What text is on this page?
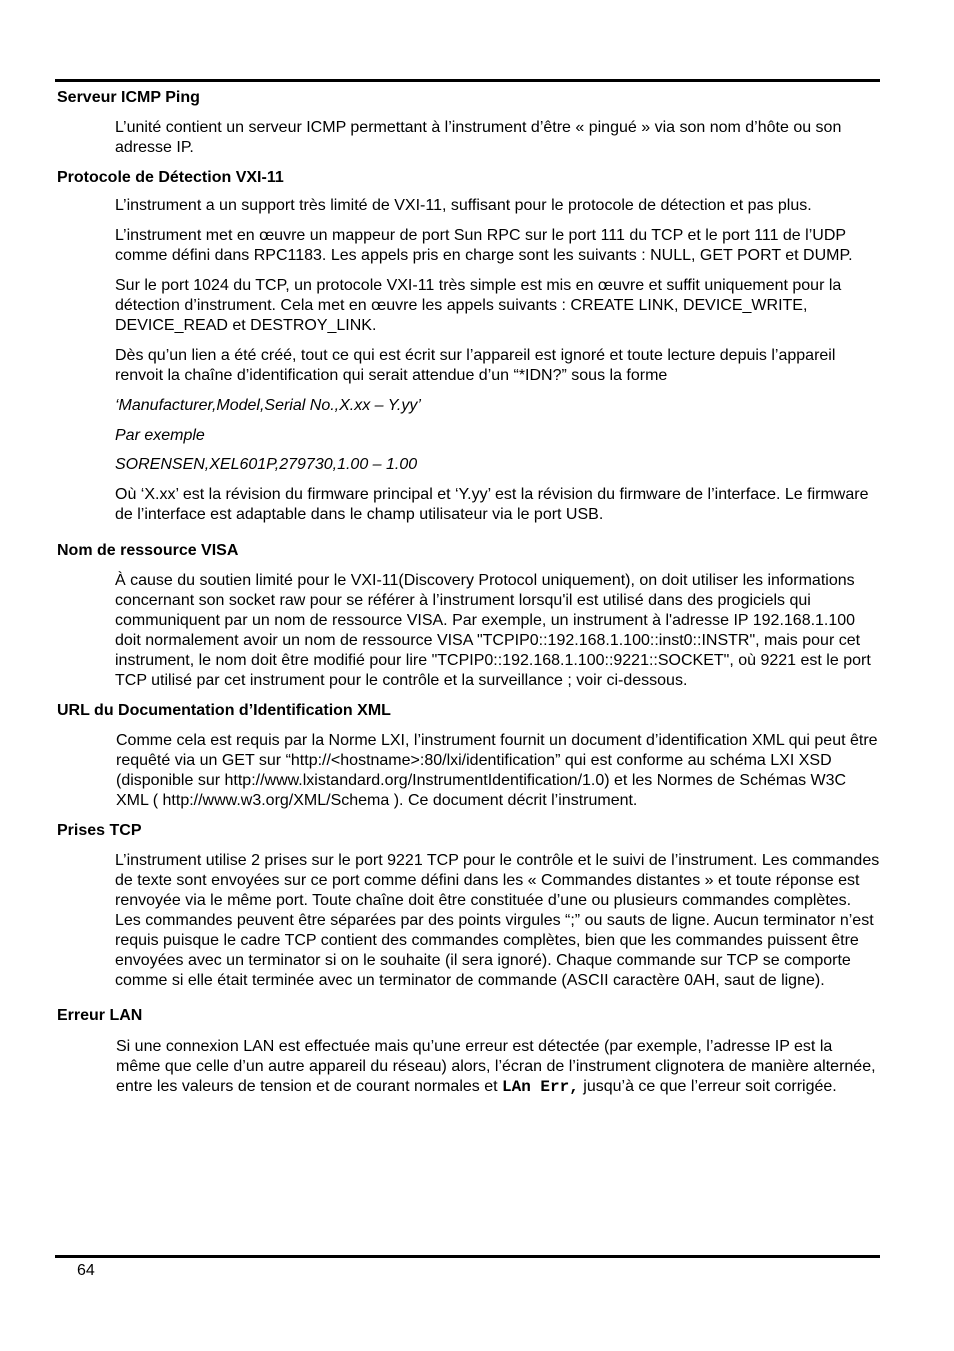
Serveur ICMP Ping

L’unité contient un serveur ICMP permettant à l’instrument d’être « pingué » via son nom d’hôte ou son adresse IP.

Protocole de Détection VXI-11

L’instrument a un support très limité de VXI-11, suffisant pour le protocole de détection et pas plus.

L’instrument met en œuvre un mappeur de port Sun RPC sur le port 111 du TCP et le port 111 de l’UDP comme défini dans RPC1183. Les appels pris en charge sont les suivants : NULL, GET PORT et DUMP.

Sur le port 1024 du TCP, un protocole VXI-11 très simple est mis en œuvre et suffit uniquement pour la détection d’instrument. Cela met en œuvre les appels suivants : CREATE LINK, DEVICE_WRITE, DEVICE_READ et DESTROY_LINK.

Dès qu’un lien a été créé, tout ce qui est écrit sur l’appareil est ignoré et toute lecture depuis l’appareil renvoit la chaîne d’identification qui serait attendue d’un “*IDN?” sous la forme

‘Manufacturer,Model,Serial No.,X.xx – Y.yy’

Par exemple

SORENSEN,XEL601P,279730,1.00 – 1.00

Où ‘X.xx’ est la révision du firmware principal et ‘Y.yy’ est la révision du firmware de l’interface. Le firmware de l’interface est adaptable dans le champ utilisateur via le port USB.

Nom de ressource VISA

À cause du soutien limité pour le VXI-11(Discovery Protocol uniquement), on doit utiliser les informations concernant son socket raw pour se référer à l’instrument lorsqu'il est utilisé dans des progiciels qui communiquent par un nom de ressource VISA. Par exemple, un instrument à l'adresse IP 192.168.1.100 doit normalement avoir un nom de ressource VISA "TCPIP0::192.168.1.100::inst0::INSTR", mais pour cet instrument, le nom doit être modifié pour lire "TCPIP0::192.168.1.100::9221::SOCKET", où 9221 est le port TCP utilisé par cet instrument pour le contrôle et la surveillance ; voir ci-dessous.

URL du Documentation d’Identification XML

Comme cela est requis par la Norme LXI, l’instrument fournit un document d’identification XML qui peut être requêté via un GET sur “http://<hostname>:80/lxi/identification” qui est conforme au schéma LXI XSD (disponible sur http://www.lxistandard.org/InstrumentIdentification/1.0) et les Normes de Schémas W3C XML ( http://www.w3.org/XML/Schema ). Ce document décrit l’instrument.

Prises TCP

L’instrument utilise 2 prises sur le port 9221 TCP pour le contrôle et le suivi de l’instrument. Les commandes de texte sont envoyées sur ce port comme défini dans les « Commandes distantes » et toute réponse est renvoyée via le même port. Toute chaîne doit être constituée d’une ou plusieurs commandes complètes. Les commandes peuvent être séparées par des points virgules “;” ou sauts de ligne. Aucun terminator n’est requis puisque le cadre TCP contient des commandes complètes, bien que les commandes puissent être envoyées avec un terminator si on le souhaite (il sera ignoré). Chaque commande sur TCP se comporte comme si elle était terminée avec un terminator de commande (ASCII caractère 0AH, saut de ligne).

Erreur LAN

Si une connexion LAN est effectuée mais qu’une erreur est détectée (par exemple, l’adresse IP est la même que celle d’un autre appareil du réseau) alors, l’écran de l’instrument clignotera de manière alternée, entre les valeurs de tension et de courant normales et LAn Err, jusqu’à ce que l’erreur soit corrigée.

64
